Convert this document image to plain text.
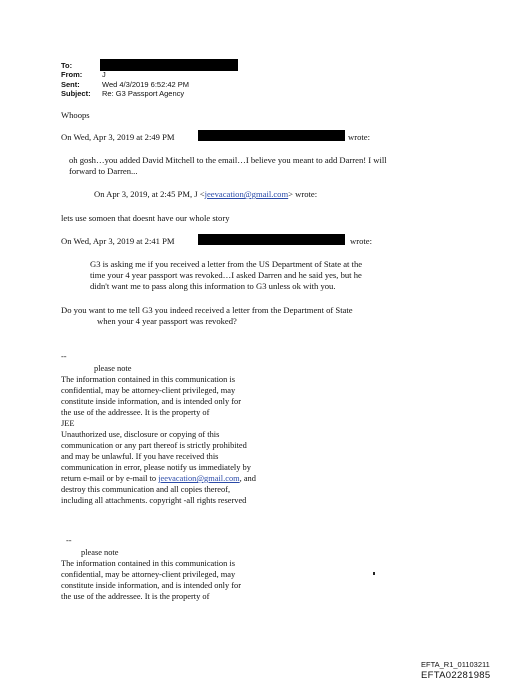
To:
From:	J
Sent:	Wed 4/3/2019 6:52:42 PM
Subject: Re: G3 Passport Agency
Whoops
On Wed, Apr 3, 2019 at 2:49 PM	wrote:
oh gosh…you added David Mitchell to the email…I believe you meant to add Darren! I will
forward to Darren...
On Apr 3, 2019, at 2:45 PM, J <jeevacation@gmail.com> wrote:
lets use somoen that doesnt have our whole story
On Wed, Apr 3, 2019 at 2:41 PM	wrote:
G3 is asking me if you received a letter from the US Department of State at the
time your 4 year passport was revoked…I asked Darren and he said yes, but he
didn't want me to pass along this information to G3 unless ok with you.
Do you want to me tell G3 you indeed received a letter from the Department of State
when your 4 year passport was revoked?
--
please note
The information contained in this communication is
confidential, may be attorney-client privileged, may
constitute inside information, and is intended only for
the use of the addressee. It is the property of
JEE
Unauthorized use, disclosure or copying of this
communication or any part thereof is strictly prohibited
and may be unlawful. If you have received this
communication in error, please notify us immediately by
return e-mail or by e-mail to jeevacation@gmail.com, and
destroy this communication and all copies thereof,
including all attachments. copyright -all rights reserved
--
please note
The information contained in this communication is
confidential, may be attorney-client privileged, may
constitute inside information, and is intended only for
the use of the addressee. It is the property of
EFTA_R1_01103211
EFTA02281985
